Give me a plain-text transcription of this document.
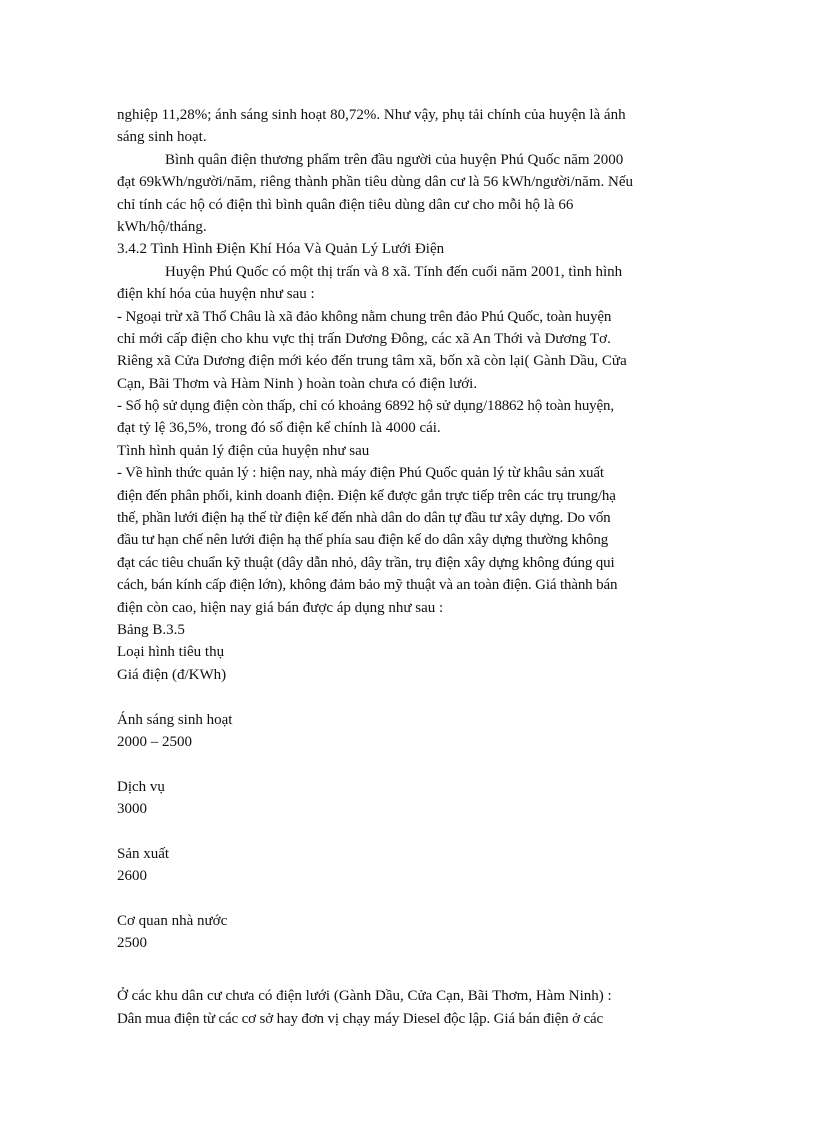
nghiệp 11,28%; ánh sáng sinh hoạt 80,72%. Như vậy, phụ tải chính của huyện là ánh

sáng sinh hoạt.

Bình quân điện thương phẩm trên đầu người của huyện Phú Quốc năm 2000

đạt 69kWh/người/năm, riêng thành phần tiêu dùng dân cư là 56 kWh/người/năm. Nếu

chỉ tính các hộ có điện thì bình quân điện tiêu dùng dân cư cho mỗi hộ là 66

kWh/hộ/tháng.

3.4.2 Tình Hình Điện Khí Hóa Và Quản Lý Lưới Điện

Huyện Phú Quốc có một thị trấn và 8 xã. Tính đến cuối năm 2001, tình hình

điện khí hóa của huyện như sau :

- Ngoại trừ xã Thổ Châu là xã đảo không nằm chung trên đảo Phú Quốc, toàn huyện

chỉ mới cấp điện cho khu vực thị trấn Dương Đông, các xã An Thới và Dương Tơ.

Riêng xã Cửa Dương điện mới kéo đến trung tâm xã, bốn xã còn lại( Gành Dầu, Cửa

Cạn, Bãi Thơm và Hàm Ninh ) hoàn toàn chưa có điện lưới.

- Số hộ sử dụng điện còn thấp, chỉ có khoảng 6892 hộ sử dụng/18862 hộ toàn huyện,

đạt tỷ lệ 36,5%, trong đó số điện kế chính là 4000 cái.

Tình hình quản lý điện của huyện như sau

- Về hình thức quản lý : hiện nay, nhà máy điện Phú Quốc quản lý từ khâu sản xuất

điện đến phân phối, kinh doanh điện. Điện kế được gắn trực tiếp trên các trụ trung/hạ

thế, phần lưới điện hạ thế từ điện kế đến nhà dân do dân tự đầu tư xây dựng. Do vốn

đầu tư hạn chế nên lưới điện hạ thế phía sau điện kế do dân xây dựng thường không

đạt các tiêu chuẩn kỹ thuật (dây dẫn nhỏ, dây trần, trụ điện xây dựng không đúng qui

cách, bán kính cấp điện lớn), không đảm bảo mỹ thuật và an toàn điện. Giá thành bán

điện còn cao, hiện nay giá bán được áp dụng như sau :

Bảng B.3.5

Loại hình tiêu thụ

Giá điện (đ/KWh)

Ánh sáng sinh hoạt

2000 – 2500

Dịch vụ

3000

Sản xuất

2600

Cơ quan nhà nước

2500

Ở các khu dân cư chưa có điện lưới (Gành Dầu, Cửa Cạn, Bãi Thơm, Hàm Ninh) :

Dân mua điện từ các cơ sở hay đơn vị chạy máy Diesel độc lập. Giá bán điện ở các
